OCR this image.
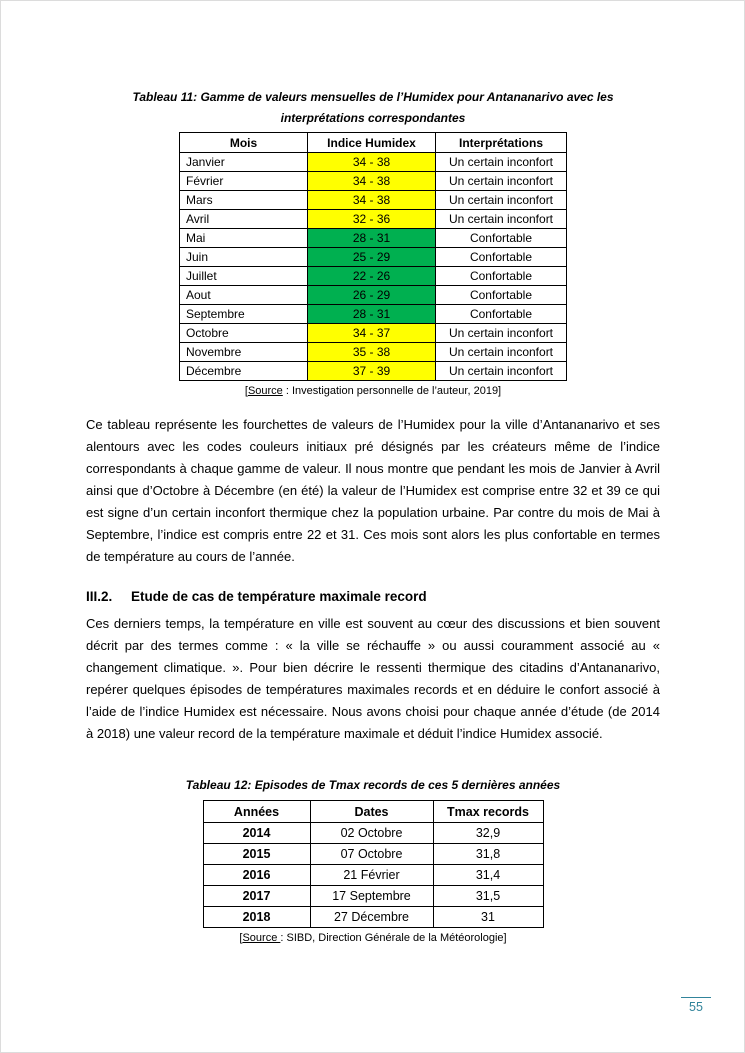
Tableau 11: Gamme de valeurs mensuelles de l’Humidex pour Antananarivo avec les
interprétations correspondantes
Mois	Indice Humidex	Interprétations
Janvier	34 - 38	Un certain inconfort
Février	34 - 38	Un certain inconfort
Mars	34 - 38	Un certain inconfort
Avril	32 - 36	Un certain inconfort
Mai	28 - 31	Confortable
Juin	25 - 29	Confortable
Juillet	22 - 26	Confortable
Aout	26 - 29	Confortable
Septembre	28 - 31	Confortable
Octobre	34 - 37	Un certain inconfort
Novembre	35 - 38	Un certain inconfort
Décembre	37 - 39	Un certain inconfort
[Source : Investigation personnelle de l’auteur, 2019]

Ce tableau représente les fourchettes de valeurs de l’Humidex pour la ville d’Antananarivo et ses alentours avec les codes couleurs initiaux pré désignés par les créateurs même de l’indice correspondants à chaque gamme de valeur. Il nous montre que pendant les mois de Janvier à Avril ainsi que d’Octobre à Décembre (en été) la valeur de l’Humidex est comprise entre 32 et 39 ce qui est signe d’un certain inconfort thermique chez la population urbaine. Par contre du mois de Mai à Septembre, l’indice est compris entre 22 et 31. Ces mois sont alors les plus confortable en termes de température au cours de l’année.

III.2.	Etude de cas de température maximale record

Ces derniers temps, la température en ville est souvent au cœur des discussions et bien souvent décrit par des termes comme : « la ville se réchauffe » ou aussi couramment associé au « changement climatique. ». Pour bien décrire le ressenti thermique des citadins d’Antananarivo, repérer quelques épisodes de températures maximales records et en déduire le confort associé à l’aide de l’indice Humidex est nécessaire. Nous avons choisi pour chaque année d’étude (de 2014 à 2018) une valeur record de la température maximale et déduit l’indice Humidex associé.

Tableau 12: Episodes de Tmax records de ces 5 dernières années
Années	Dates	Tmax records
2014	02 Octobre	32,9
2015	07 Octobre	31,8
2016	21 Février	31,4
2017	17 Septembre	31,5
2018	27 Décembre	31
[Source : SIBD, Direction Générale de la Météorologie]
55
